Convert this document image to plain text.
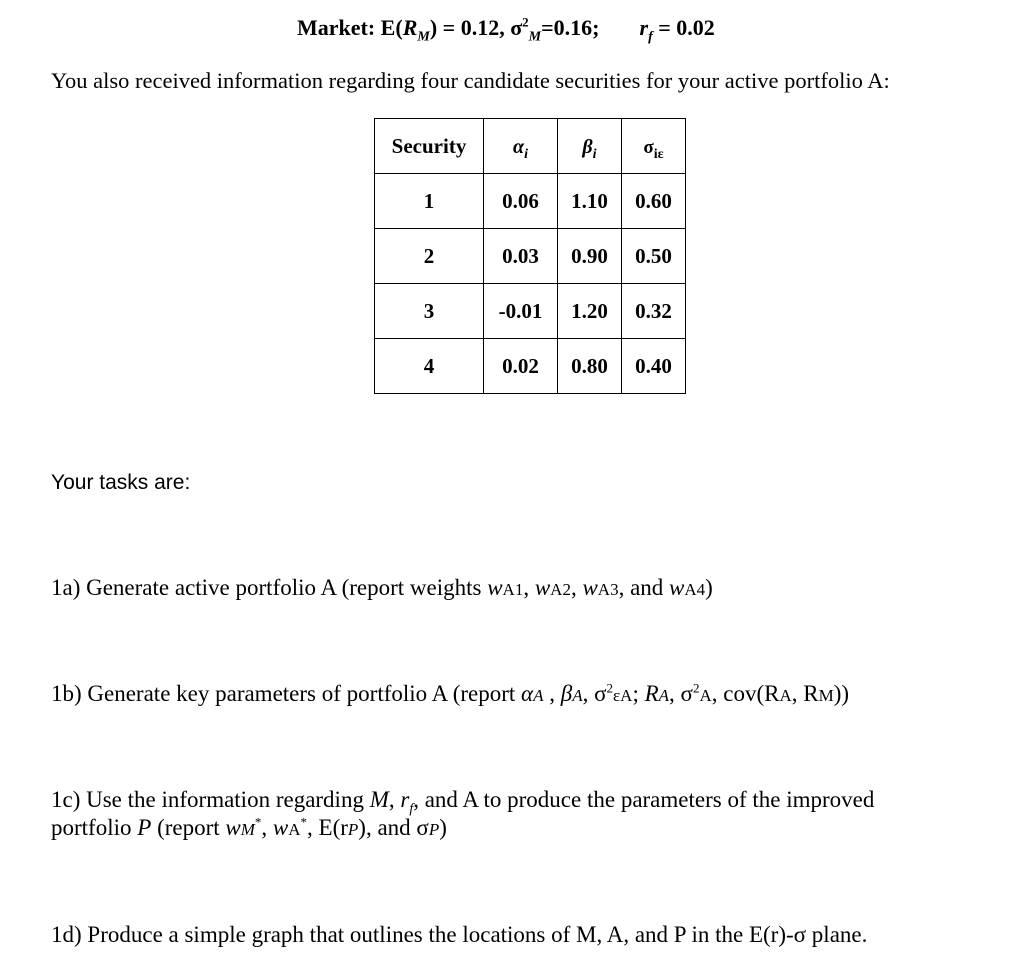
Market: $E(R_M) = 0.12$, $\sigma^2_M=0.16$; $r_f = 0.02$
You also received information regarding four candidate securities for your active portfolio A:
Security	$\alpha_i$	$\beta_i$	$\sigma_{i\varepsilon}$
1	0.06	1.10	0.60
2	0.03	0.90	0.50
3	-0.01	1.20	0.32
4	0.02	0.80	0.40
Your tasks are:
1a) Generate active portfolio A (report weights wA1, wA2, wA3, and wA4)
1b) Generate key parameters of portfolio A (report αA , βA, $\sigma^2\varepsilon A$; RA, $\sigma^2A$, cov(RA, RM))
1c) Use the information regarding M, $r_f$, and A to produce the parameters of the improved
portfolio P (report wM*, wA*, E(rP), and σP)
1d) Produce a simple graph that outlines the locations of M, A, and P in the E(r)-σ plane.
